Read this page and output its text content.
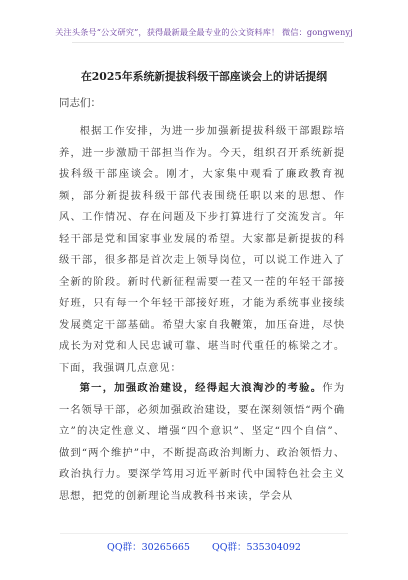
关注头条号“公文研究”，获得最新最全最专业的公文资料库！ 微信：gongwenyj
在2025年系统新提拔科级干部座谈会上的讲话提纲
同志们：
根据工作安排，为进一步加强新提拔科级干部跟踪培养，进一步激励干部担当作为。今天，组织召开系统新提拔科级干部座谈会。刚才，大家集中观看了廉政教育视频，部分新提拔科级干部代表围绕任职以来的思想、作风、工作情况、存在问题及下步打算进行了交流发言。年轻干部是党和国家事业发展的希望。大家都是新提拔的科级干部，很多都是首次走上领导岗位，可以说工作进入了全新的阶段。新时代新征程需要一茬又一茬的年轻干部接好班，只有每一个年轻干部接好班，才能为系统事业接续发展奠定干部基础。希望大家自我鞭策，加压奋进，尽快成长为对党和人民忠诚可靠、堪当时代重任的栋梁之才。下面，我强调几点意见：
第一，加强政治建设，经得起大浪淘沙的考验。作为一名领导干部，必须加强政治建设，要在深刻领悟“两个确立”的决定性意义、增强“四个意识”、坚定“四个自信”、做到“两个维护”中，不断提高政治判断力、政治领悟力、政治执行力。要深学笃用习近平新时代中国特色社会主义思想，把党的创新理论当成教科书来读，学会从
QQ群：30265665 QQ群：535304092
